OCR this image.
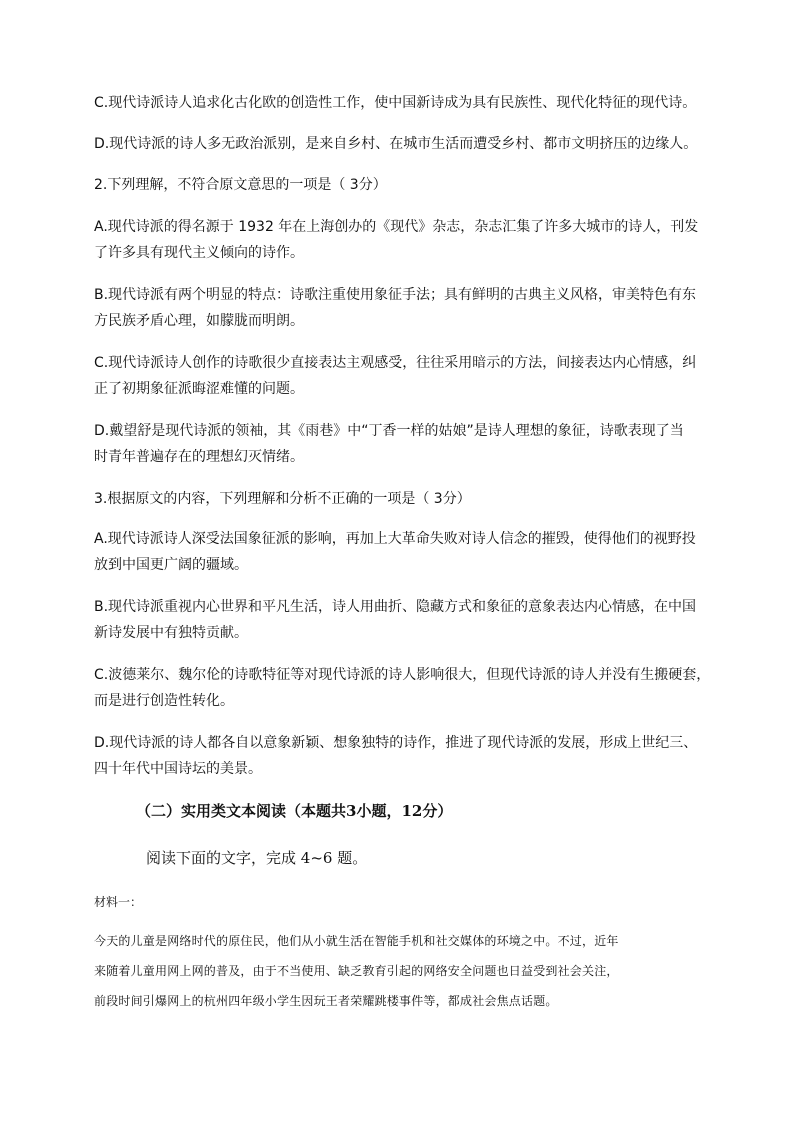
C.现代诗派诗人追求化古化欧的创造性工作，使中国新诗成为具有民族性、现代化特征的现代诗。

D.现代诗派的诗人多无政治派别，是来自乡村、在城市生活而遭受乡村、都市文明挤压的边缘人。

2.下列理解，不符合原文意思的一项是（ 3分）

A.现代诗派的得名源于 1932 年在上海创办的《现代》杂志，杂志汇集了许多大城市的诗人，刊发
了许多具有现代主义倾向的诗作。

B.现代诗派有两个明显的特点：诗歌注重使用象征手法；具有鲜明的古典主义风格，审美特色有东
方民族矛盾心理，如朦胧而明朗。

C.现代诗派诗人创作的诗歌很少直接表达主观感受，往往采用暗示的方法，间接表达内心情感，纠
正了初期象征派晦涩难懂的问题。

D.戴望舒是现代诗派的领袖，其《雨巷》中“丁香一样的姑娘”是诗人理想的象征，诗歌表现了当
时青年普遍存在的理想幻灭情绪。

3.根据原文的内容，下列理解和分析不正确的一项是（ 3分）

A.现代诗派诗人深受法国象征派的影响，再加上大革命失败对诗人信念的摧毁，使得他们的视野投
放到中国更广阔的疆域。

B.现代诗派重视内心世界和平凡生活，诗人用曲折、隐藏方式和象征的意象表达内心情感，在中国
新诗发展中有独特贡献。

C.波德莱尔、魏尔伦的诗歌特征等对现代诗派的诗人影响很大，但现代诗派的诗人并没有生搬硬套，
而是进行创造性转化。

D.现代诗派的诗人都各自以意象新颖、想象独特的诗作，推进了现代诗派的发展，形成上世纪三、
四十年代中国诗坛的美景。

（二）实用类文本阅读（本题共3小题，12分）
阅读下面的文字，完成 4~6 题。
材料一：
今天的儿童是网络时代的原住民，他们从小就生活在智能手机和社交媒体的环境之中。不过，近年
来随着儿童用网上网的普及，由于不当使用、缺乏教育引起的网络安全问题也日益受到社会关注，
前段时间引爆网上的杭州四年级小学生因玩王者荣耀跳楼事件等，都成社会焦点话题。
